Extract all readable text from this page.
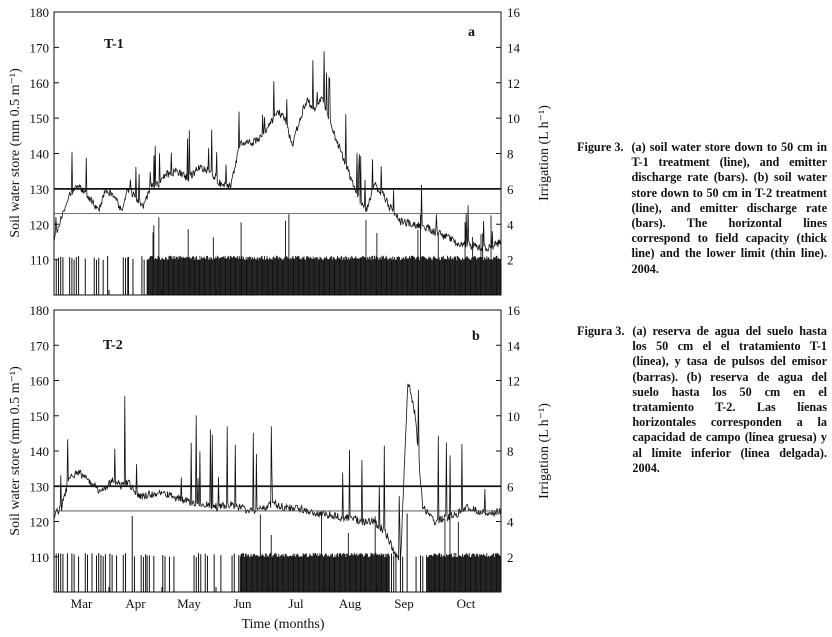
110
120
130
140
150
160
170
180
2
4
6
8
10
12
14
16
T-1
a
Soil water store (mm 0.5 m⁻¹)	Irrigation (L h⁻¹)
110
120
130
140
150
160
170
180
2
4
6
8
10
12
14
16
Mar	Apr May	Jun	Jul	Aug	Sep	Oct
T-2
b
Soil water store (mm 0.5 m⁻¹)	Irrigation (L h⁻¹)
Time (months)
Figure 3. (a) soil water store down to 50 cm in T-1 treatment (line), and emitter discharge rate (bars). (b) soil water store down to 50 cm in T-2 treatment (line), and emitter discharge rate (bars). The horizontal lines correspond to field capacity (thick line) and the lower limit (thin line). 2004.
Figura 3. (a) reserva de agua del suelo hasta los 50 cm el el tratamiento T-1 (línea), y tasa de pulsos del emisor (barras). (b) reserva de agua del suelo hasta los 50 cm en el tratamiento T-2. Las líenas horizontales corresponden a la capacidad de campo (línea gruesa) y al límite inferior (línea delgada). 2004.
